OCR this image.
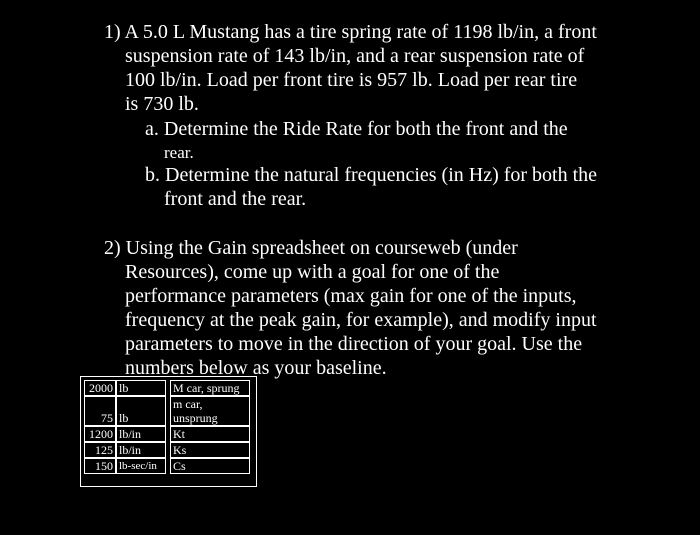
1) A 5.0 L Mustang has a tire spring rate of 1198 lb/in, a front
suspension rate of 143 lb/in, and a rear suspension rate of
100 lb/in. Load per front tire is 957 lb. Load per rear tire
is 730 lb.
a. Determine the Ride Rate for both the front and the
rear.
b. Determine the natural frequencies (in Hz) for both the
front and the rear.
2) Using the Gain spreadsheet on courseweb (under
Resources), come up with a goal for one of the
performance parameters (max gain for one of the inputs,
frequency at the peak gain, for example), and modify input
parameters to move in the direction of your goal. Use the
numbers below as your baseline.
2000	lb		M car, sprung
75	lb		m car, unsprung
1200	lb/in		Kt
125	lb/in		Ks
150	lb-sec/in		Cs
